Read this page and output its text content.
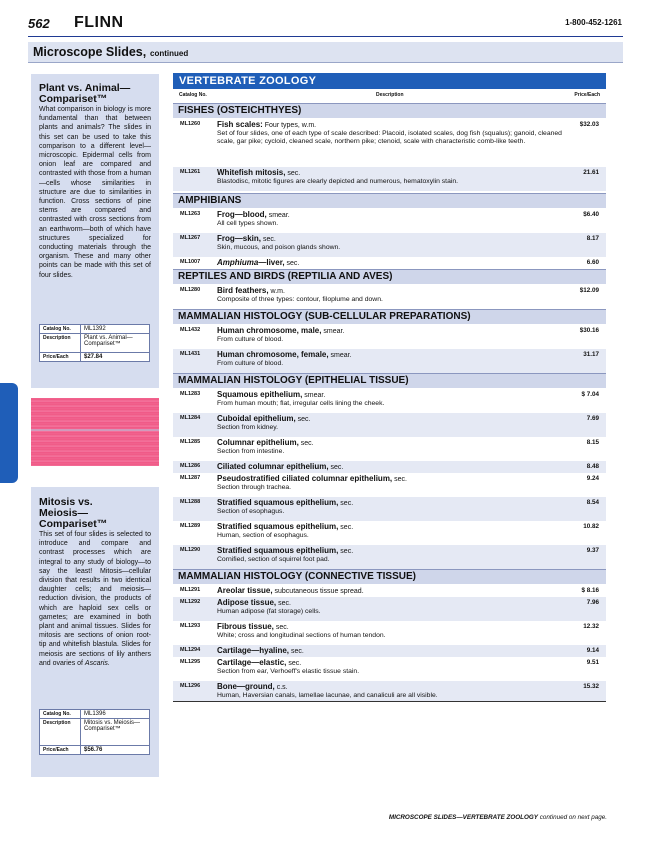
562 FLINN	1-800-452-1261
Microscope Slides, continued
Plant vs. Animal— Compariset™
What comparison in biology is more fundamental than that between plants and animals? The slides in this set can be used to take this comparison to a different level—microscopic. Epidermal cells from onion leaf are compared and contrasted with those from a human—cells whose similarities in structure are due to similarities in function. Cross sections of pine stems are compared and contrasted with cross sections from an earthworm—both of which have structures specialized for conducting materials through the organism. These and many other points can be made with this set of four slides.
Catalog No.	ML1392
Description	Plant vs. Animal— Compariset™
Price/Each	$27.84
Mitosis vs. Meiosis— Compariset™
This set of four slides is selected to introduce and compare and contrast processes which are integral to any study of biology—to say the least! Mitosis—cellular division that results in two identical daughter cells; and meiosis—reduction division, the products of which are haploid sex cells or gametes; are examined in both plant and animal tissues. Slides for mitosis are sections of onion root-tip and whitefish blastula. Slides for meiosis are sections of lily anthers and ovaries of Ascaris.
Catalog No.	ML1396
Description	Mitosis vs. Meiosis— Compariset™
Price/Each	$56.76
VERTEBRATE ZOOLOGY
Catalog No.	Description	Price/Each
FISHES (OSTEICHTHYES)
ML1260 Fish scales: Four types, w.m.
Set of four slides, one of each type of scale described: Placoid, isolated scales, dog fish (squalus); ganoid, cleaned scale, gar pike; cycloid, cleaned scale, northern pike; ctenoid, scale with characteristic comb-like teeth.
$32.03
ML1261 Whitefish mitosis, sec.
Blastodisc, mitotic figures are clearly depicted and numerous, hematoxylin stain.
21.61
AMPHIBIANS
ML1263 Frog—blood, smear.
All cell types shown.
$6.40
ML1267 Frog—skin, sec.
Skin, mucous, and poison glands shown.
8.17
ML1007 Amphiuma—liver, sec.	6.60
REPTILES AND BIRDS (REPTILIA AND AVES)
ML1280 Bird feathers, w.m.
Composite of three types: contour, filoplume and down.
$12.09
MAMMALIAN HISTOLOGY (SUB-CELLULAR PREPARATIONS)
ML1432 Human chromosome, male, smear.
From culture of blood.
$30.16
ML1431 Human chromosome, female, smear.
From culture of blood.
31.17
MAMMALIAN HISTOLOGY (EPITHELIAL TISSUE)
ML1283 Squamous epithelium, smear.
From human mouth; flat, irregular cells lining the cheek.
$ 7.04
ML1284 Cuboidal epithelium, sec.
Section from kidney.
7.69
ML1285 Columnar epithelium, sec.
Section from intestine.
8.15
ML1286 Ciliated columnar epithelium, sec.	8.48
ML1287 Pseudostratified ciliated columnar epithelium, sec.
Section through trachea.
9.24
ML1288 Stratified squamous epithelium, sec.
Section of esophagus.
8.54
ML1289 Stratified squamous epithelium, sec.
Human, section of esophagus.
10.82
ML1290 Stratified squamous epithelium, sec.
Cornified, section of squirrel foot pad.
9.37
MAMMALIAN HISTOLOGY (CONNECTIVE TISSUE)
ML1291 Areolar tissue, subcutaneous tissue spread.	$ 8.16
ML1292 Adipose tissue, sec.
Human adipose (fat storage) cells.
7.96
ML1293 Fibrous tissue, sec.
White; cross and longitudinal sections of human tendon.
12.32
ML1294 Cartilage—hyaline, sec.	9.14
ML1295 Cartilage—elastic, sec.
Section from ear, Verhoeff's elastic tissue stain.
9.51
ML1296 Bone—ground, c.s.
Human, Haversian canals, lamellae lacunae, and canaliculi are all visible.
15.32
MICROSCOPE SLIDES—VERTEBRATE ZOOLOGY continued on next page.
